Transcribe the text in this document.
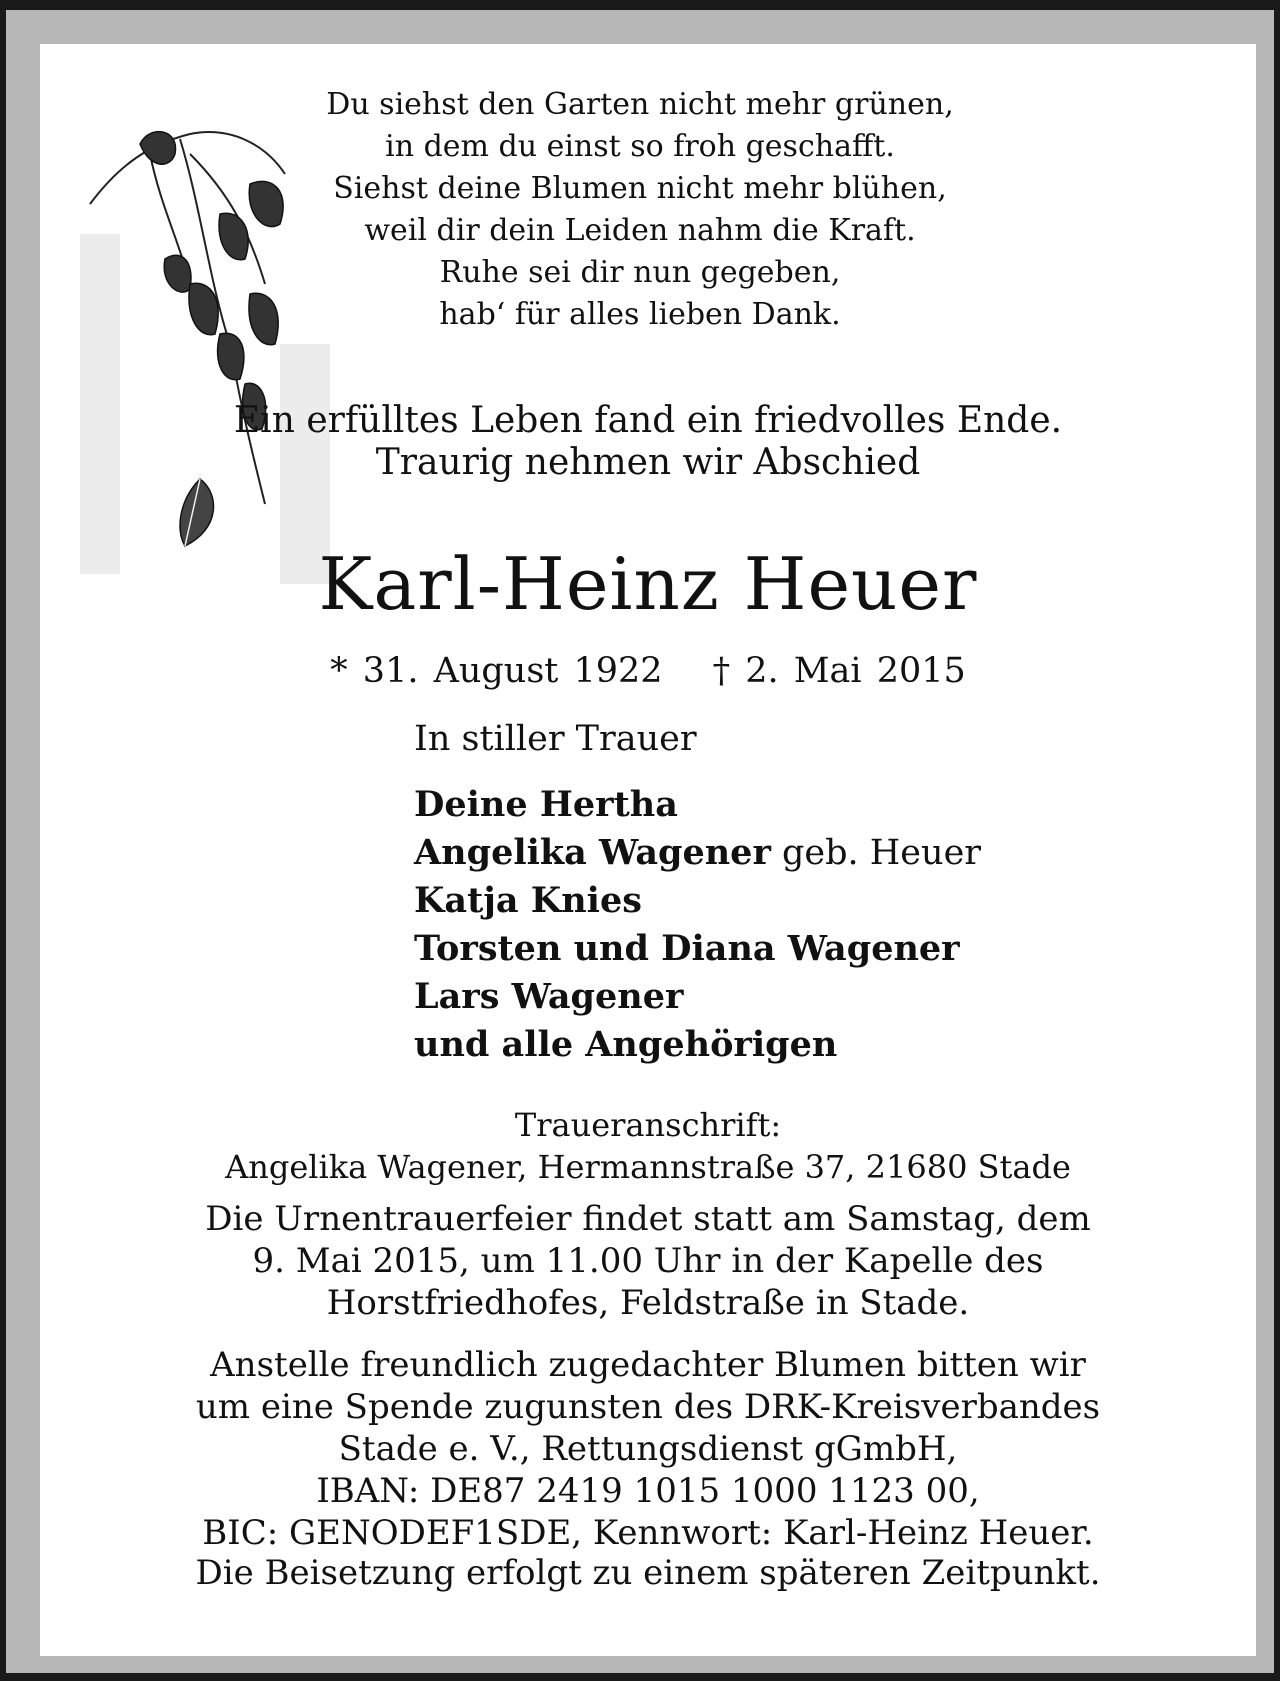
Du siehst den Garten nicht mehr grünen,
in dem du einst so froh geschafft.
Siehst deine Blumen nicht mehr blühen,
weil dir dein Leiden nahm die Kraft.
Ruhe sei dir nun gegeben,
hab‘ für alles lieben Dank.
Ein erfülltes Leben fand ein friedvolles Ende.
Traurig nehmen wir Abschied
Karl-Heinz Heuer
* 31. August 1922 † 2. Mai 2015
In stiller Trauer
Deine Hertha
Angelika Wagener geb. Heuer
Katja Knies
Torsten und Diana Wagener
Lars Wagener
und alle Angehörigen
Traueranschrift:
Angelika Wagener, Hermannstraße 37, 21680 Stade
Die Urnentrauerfeier findet statt am Samstag, dem
9. Mai 2015, um 11.00 Uhr in der Kapelle des
Horstfriedhofes, Feldstraße in Stade.
Anstelle freundlich zugedachter Blumen bitten wir
um eine Spende zugunsten des DRK-Kreisverbandes
Stade e. V., Rettungsdienst gGmbH,
IBAN: DE87 2419 1015 1000 1123 00,
BIC: GENODEF1SDE, Kennwort: Karl-Heinz Heuer.
Die Beisetzung erfolgt zu einem späteren Zeitpunkt.
